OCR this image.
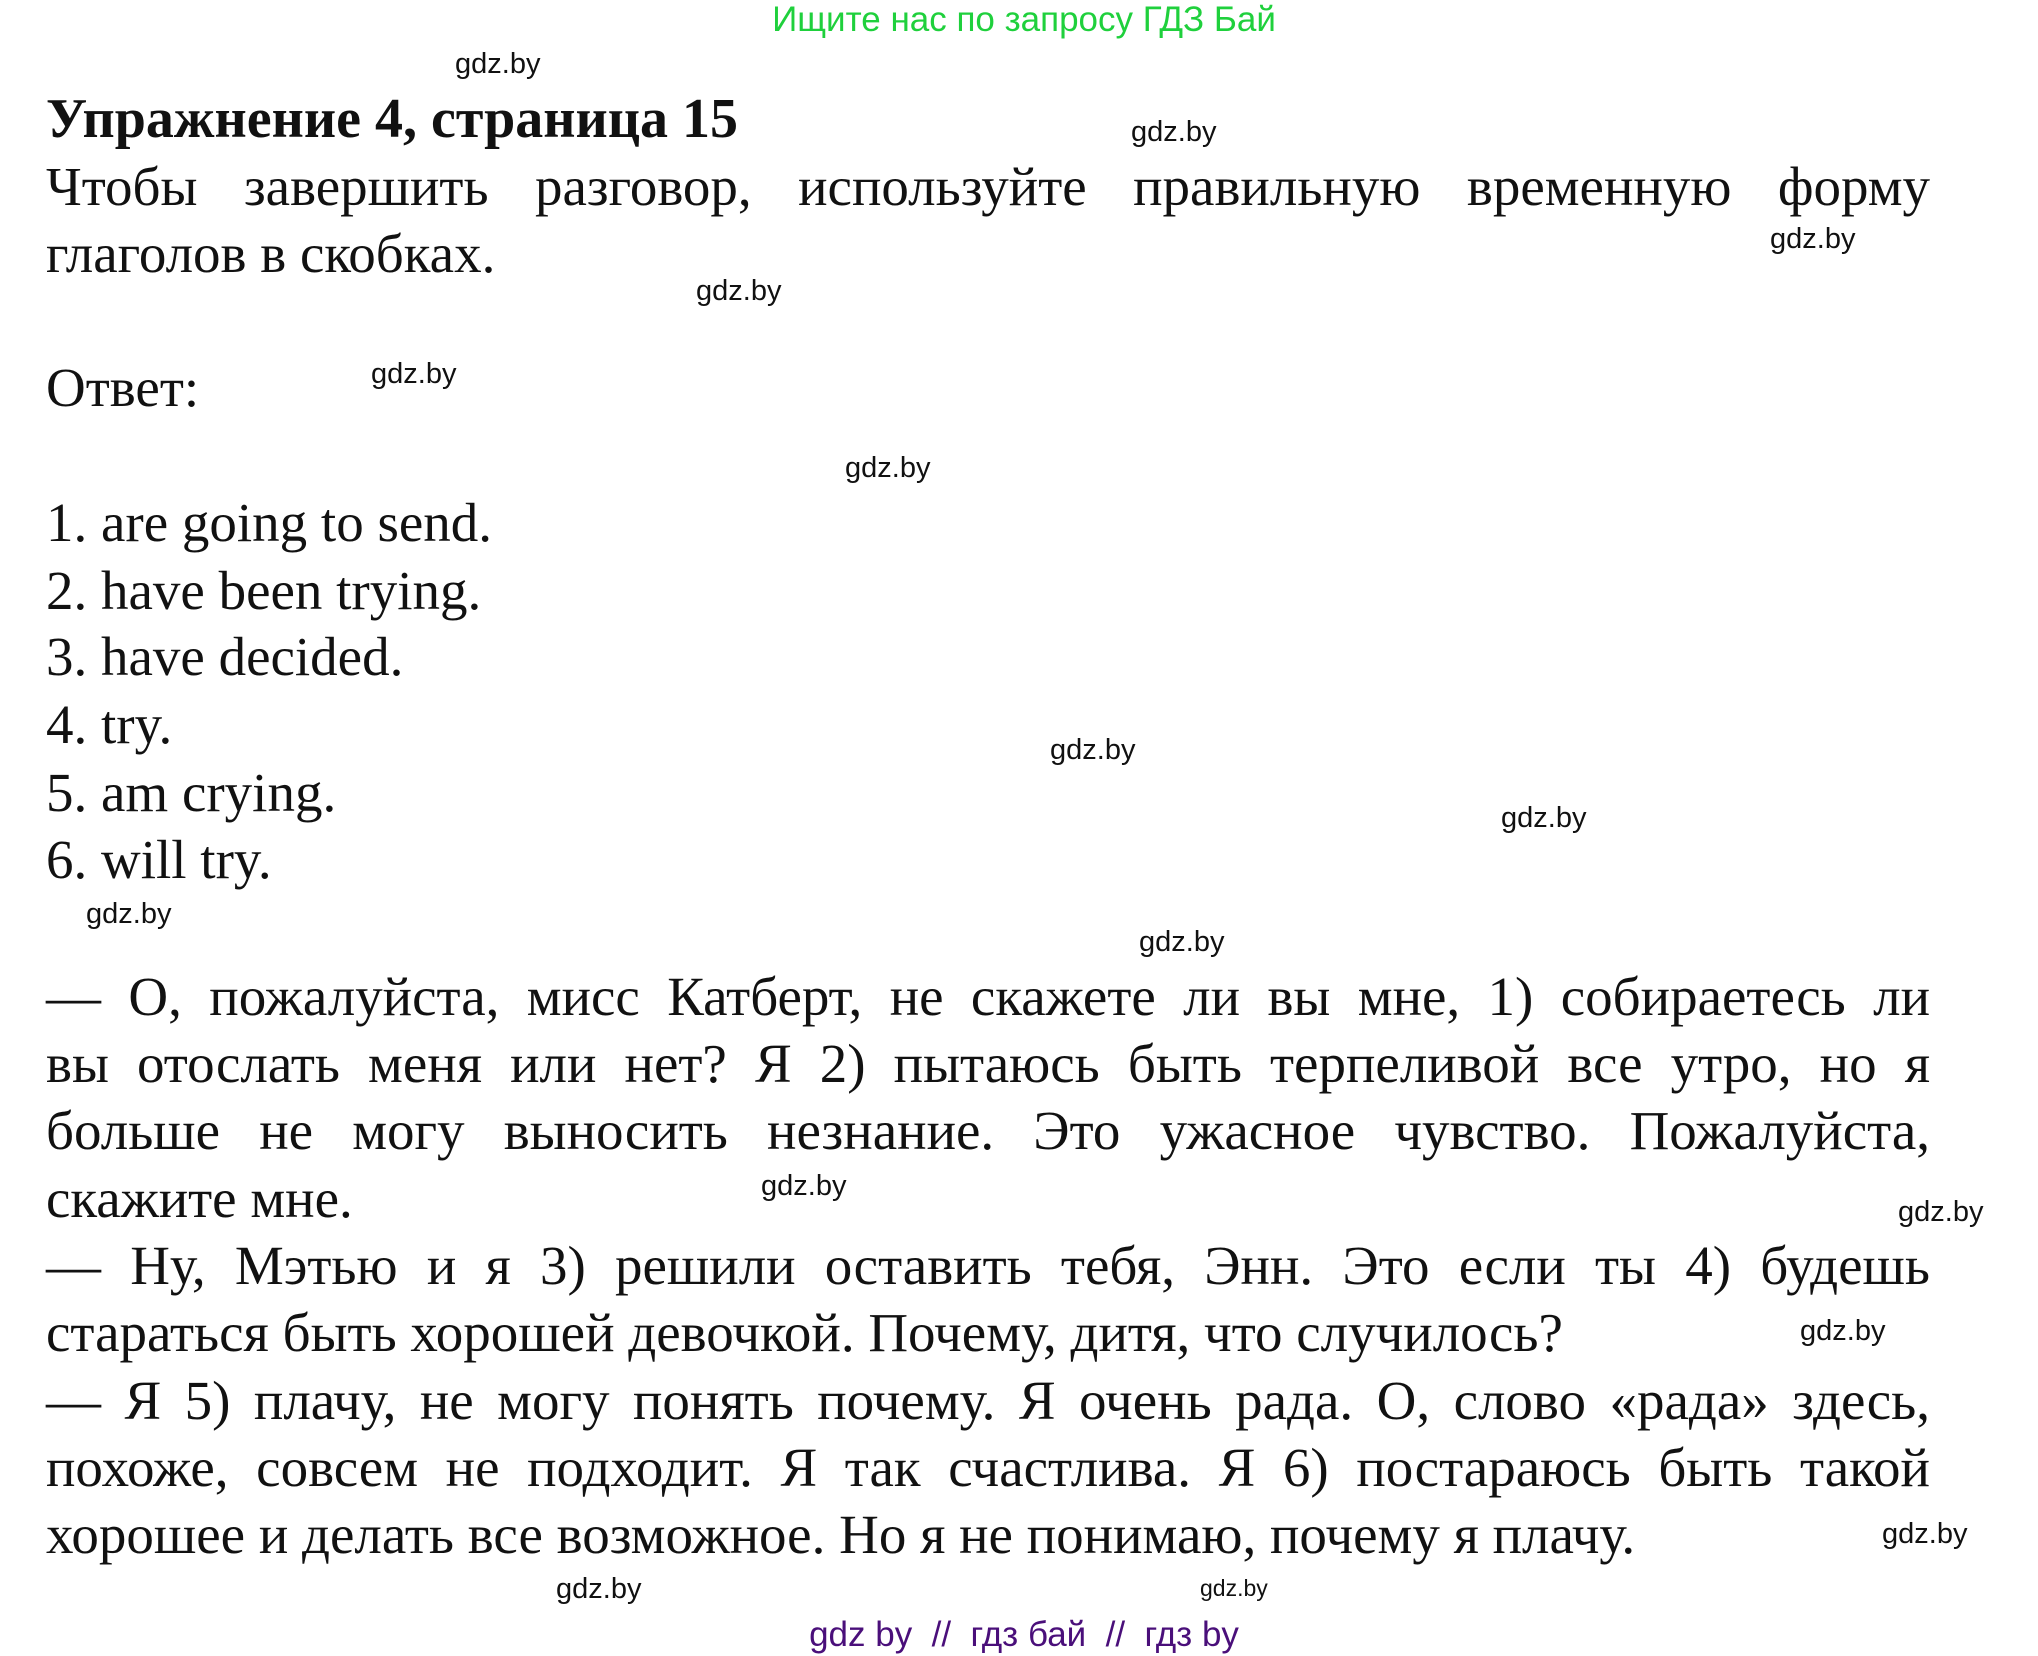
Ищите нас по запросу ГДЗ Бай
Упражнение 4, страница 15
Чтобы завершить разговор, используйте правильную временную форму
глаголов в скобках.
Ответ:
1. are going to send.
2. have been trying.
3. have decided.
4. try.
5. am crying.
6. will try.
— О, пожалуйста, мисс Катберт, не скажете ли вы мне, 1) собираетесь ли
вы отослать меня или нет? Я 2) пытаюсь быть терпеливой все утро, но я
больше не могу выносить незнание. Это ужасное чувство. Пожалуйста,
скажите мне.
— Ну, Мэтью и я 3) решили оставить тебя, Энн. Это если ты 4) будешь
стараться быть хорошей девочкой. Почему, дитя, что случилось?
— Я 5) плачу, не могу понять почему. Я очень рада. О, слово «рада» здесь,
похоже, совсем не подходит. Я так счастлива. Я 6) постараюсь быть такой
хорошее и делать все возможное. Но я не понимаю, почему я плачу.
gdz.by
gdz.by
gdz.by
gdz.by
gdz.by
gdz.by
gdz.by
gdz.by
gdz.by
gdz.by
gdz.by
gdz.by
gdz.by
gdz.by
gdz.by
gdz.by
gdz by  //  гдз бай  //  гдз by
